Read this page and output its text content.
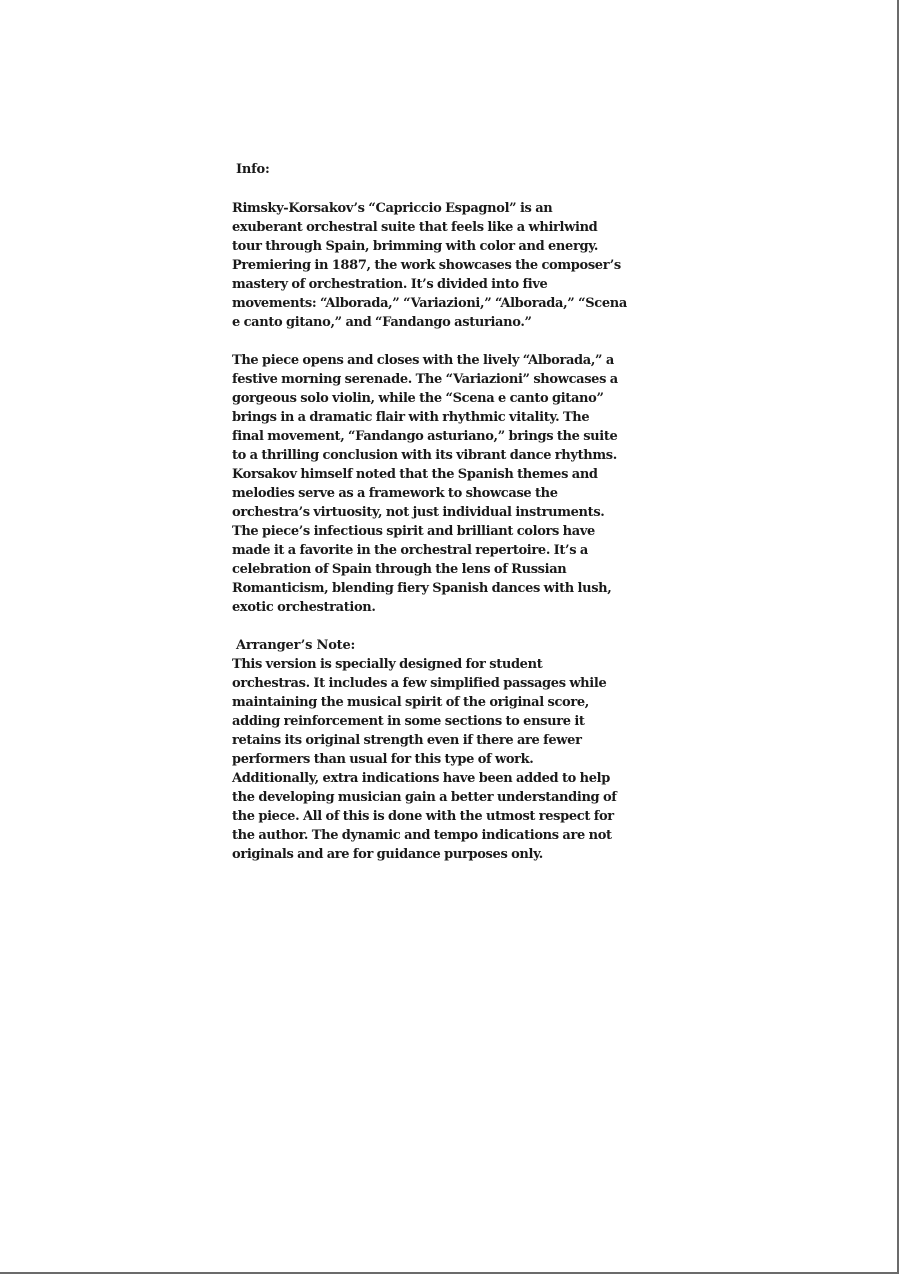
Info:
Rimsky-Korsakov’s “Capriccio Espagnol” is an
exuberant orchestral suite that feels like a whirlwind
tour through Spain, brimming with color and energy.
Premiering in 1887, the work showcases the composer’s
mastery of orchestration. It’s divided into five
movements: “Alborada,” “Variazioni,” “Alborada,” “Scena
e canto gitano,” and “Fandango asturiano.”
The piece opens and closes with the lively “Alborada,” a
festive morning serenade. The “Variazioni” showcases a
gorgeous solo violin, while the “Scena e canto gitano”
brings in a dramatic flair with rhythmic vitality. The
final movement, “Fandango asturiano,” brings the suite
to a thrilling conclusion with its vibrant dance rhythms.
Korsakov himself noted that the Spanish themes and
melodies serve as a framework to showcase the
orchestra’s virtuosity, not just individual instruments.
The piece’s infectious spirit and brilliant colors have
made it a favorite in the orchestral repertoire. It’s a
celebration of Spain through the lens of Russian
Romanticism, blending fiery Spanish dances with lush,
exotic orchestration.
Arranger’s Note:
This version is specially designed for student
orchestras. It includes a few simplified passages while
maintaining the musical spirit of the original score,
adding reinforcement in some sections to ensure it
retains its original strength even if there are fewer
performers than usual for this type of work.
Additionally, extra indications have been added to help
the developing musician gain a better understanding of
the piece. All of this is done with the utmost respect for
the author. The dynamic and tempo indications are not
originals and are for guidance purposes only.
